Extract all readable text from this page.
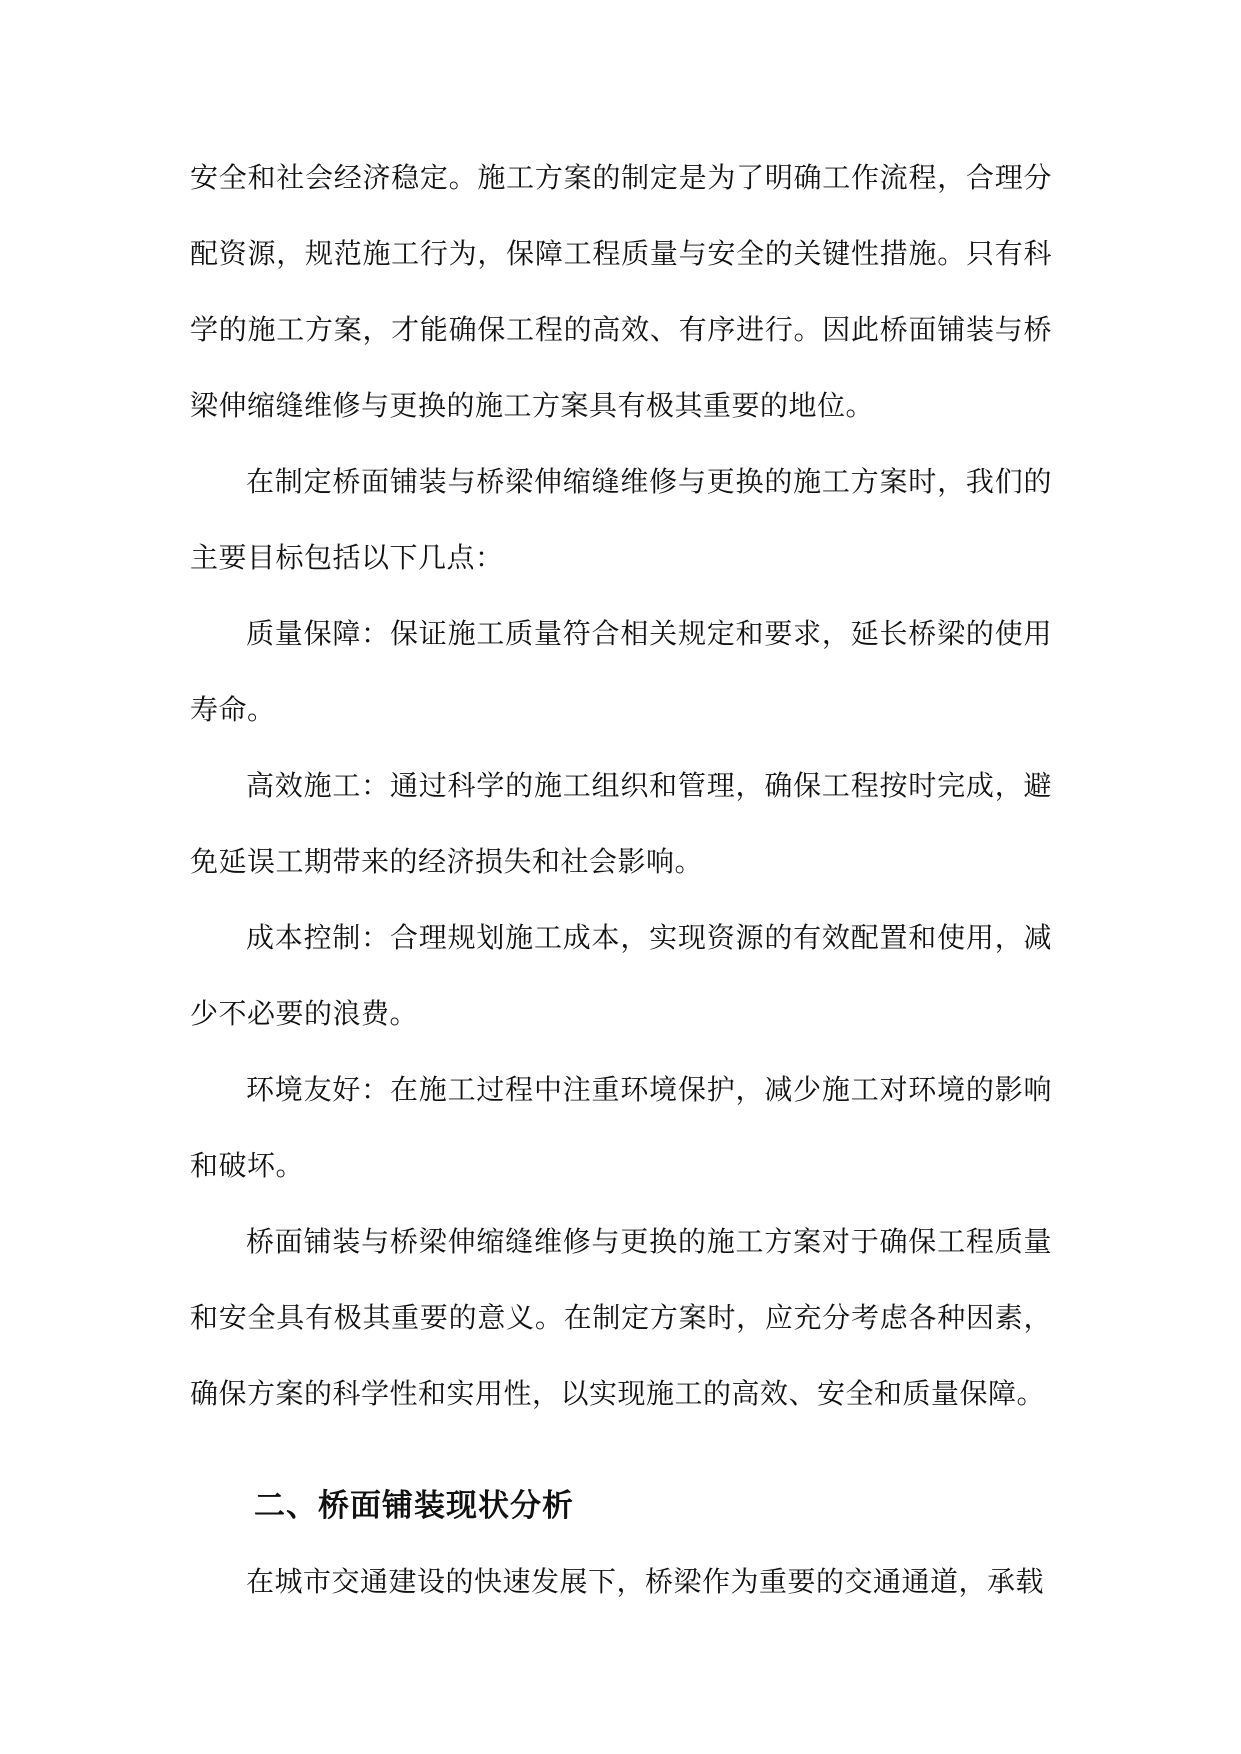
安全和社会经济稳定。施工方案的制定是为了明确工作流程，合理分配资源，规范施工行为，保障工程质量与安全的关键性措施。只有科学的施工方案，才能确保工程的高效、有序进行。因此桥面铺装与桥梁伸缩缝维修与更换的施工方案具有极其重要的地位。

在制定桥面铺装与桥梁伸缩缝维修与更换的施工方案时，我们的主要目标包括以下几点：

质量保障：保证施工质量符合相关规定和要求，延长桥梁的使用寿命。

高效施工：通过科学的施工组织和管理，确保工程按时完成，避免延误工期带来的经济损失和社会影响。

成本控制：合理规划施工成本，实现资源的有效配置和使用，减少不必要的浪费。

环境友好：在施工过程中注重环境保护，减少施工对环境的影响和破坏。

桥面铺装与桥梁伸缩缝维修与更换的施工方案对于确保工程质量和安全具有极其重要的意义。在制定方案时，应充分考虑各种因素，确保方案的科学性和实用性，以实现施工的高效、安全和质量保障。

二、桥面铺装现状分析

在城市交通建设的快速发展下，桥梁作为重要的交通通道，承载
